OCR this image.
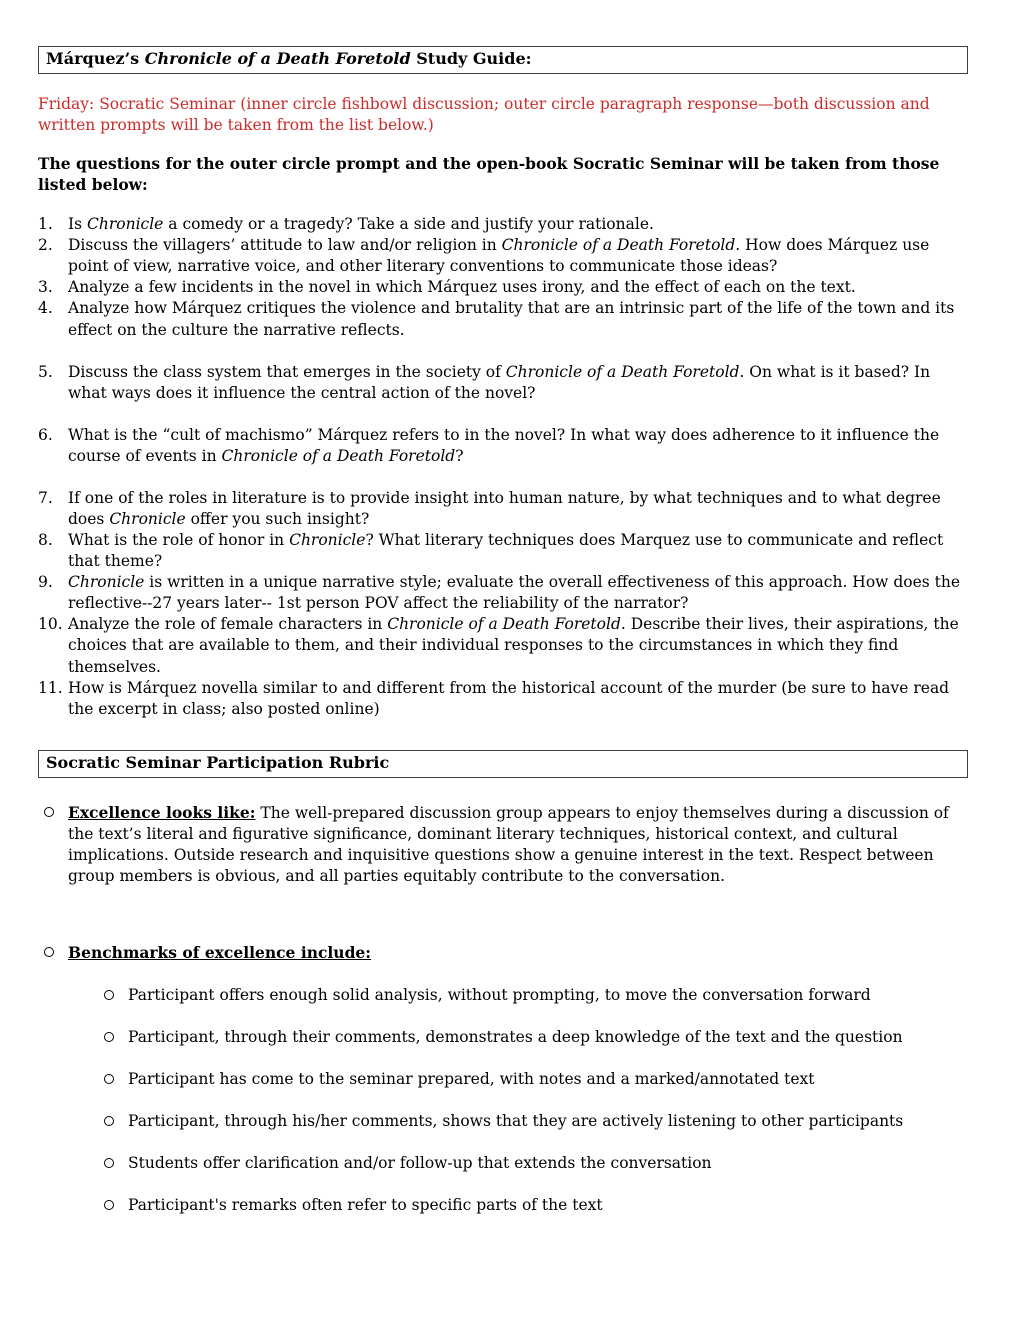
Márquez’s Chronicle of a Death Foretold Study Guide:

Friday: Socratic Seminar (inner circle fishbowl discussion; outer circle paragraph response—both discussion and written prompts will be taken from the list below.)

The questions for the outer circle prompt and the open-book Socratic Seminar will be taken from those listed below:

1. Is Chronicle a comedy or a tragedy? Take a side and justify your rationale.
2. Discuss the villagers’ attitude to law and/or religion in Chronicle of a Death Foretold. How does Márquez use point of view, narrative voice, and other literary conventions to communicate those ideas?
3. Analyze a few incidents in the novel in which Márquez uses irony, and the effect of each on the text.
4. Analyze how Márquez critiques the violence and brutality that are an intrinsic part of the life of the town and its effect on the culture the narrative reflects.
5. Discuss the class system that emerges in the society of Chronicle of a Death Foretold. On what is it based? In what ways does it influence the central action of the novel?
6. What is the “cult of machismo” Márquez refers to in the novel? In what way does adherence to it influence the course of events in Chronicle of a Death Foretold?
7. If one of the roles in literature is to provide insight into human nature, by what techniques and to what degree does Chronicle offer you such insight?
8. What is the role of honor in Chronicle? What literary techniques does Marquez use to communicate and reflect that theme?
9. Chronicle is written in a unique narrative style; evaluate the overall effectiveness of this approach. How does the reflective--27 years later-- 1st person POV affect the reliability of the narrator?
10. Analyze the role of female characters in Chronicle of a Death Foretold. Describe their lives, their aspirations, the choices that are available to them, and their individual responses to the circumstances in which they find themselves.
11. How is Márquez novella similar to and different from the historical account of the murder (be sure to have read the excerpt in class; also posted online)
Socratic Seminar Participation Rubric
Excellence looks like: The well-prepared discussion group appears to enjoy themselves during a discussion of the text’s literal and figurative significance, dominant literary techniques, historical context, and cultural implications. Outside research and inquisitive questions show a genuine interest in the text. Respect between group members is obvious, and all parties equitably contribute to the conversation.
Benchmarks of excellence include:
Participant offers enough solid analysis, without prompting, to move the conversation forward
Participant, through their comments, demonstrates a deep knowledge of the text and the question
Participant has come to the seminar prepared, with notes and a marked/annotated text
Participant, through his/her comments, shows that they are actively listening to other participants
Students offer clarification and/or follow-up that extends the conversation
Participant's remarks often refer to specific parts of the text
